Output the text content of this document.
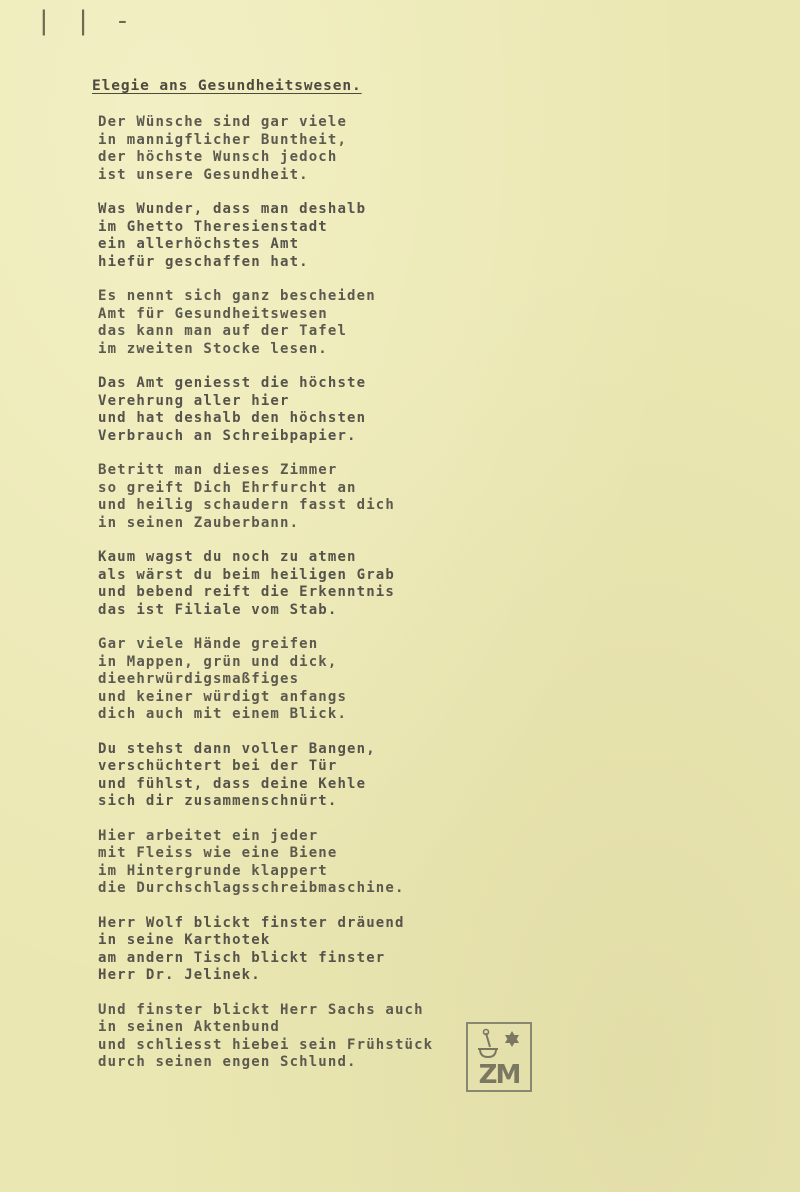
| | -
Elegie ans Gesundheitswesen.
Der Wünsche sind gar viele
in mannigflicher Buntheit,
der höchste Wunsch jedoch
ist unsere Gesundheit.
Was Wunder, dass man deshalb
im Ghetto Theresienstadt
ein allerhöchstes Amt
hiefür geschaffen hat.
Es nennt sich ganz bescheiden
Amt für Gesundheitswesen
das kann man auf der Tafel
im zweiten Stocke lesen.
Das Amt geniesst die höchste
Verehrung aller hier
und hat deshalb den höchsten
Verbrauch an Schreibpapier.
Betritt man dieses Zimmer
so greift Dich Ehrfurcht an
und heilig schaudern fasst dich
in seinen Zauberbann.
Kaum wagst du noch zu atmen
als wärst du beim heiligen Grab
und bebend reift die Erkenntnis
das ist Filiale vom Stab.
Gar viele Hände greifen
in Mappen, grün und dick,
dieehrwürdigsmaßfiges
und keiner würdigt anfangs
dich auch mit einem Blick.
Du stehst dann voller Bangen,
verschüchtert bei der Tür
und fühlst, dass deine Kehle
sich dir zusammenschnürt.
Hier arbeitet ein jeder
mit Fleiss wie eine Biene
im Hintergrunde klappert
die Durchschlagsschreibmaschine.
Herr Wolf blickt finster dräuend
in seine Karthotek
am andern Tisch blickt finster
Herr Dr. Jelinek.
Und finster blickt Herr Sachs auch
in seinen Aktenbund
und schliesst hiebei sein Frühstück
durch seinen engen Schlund.	ZM
